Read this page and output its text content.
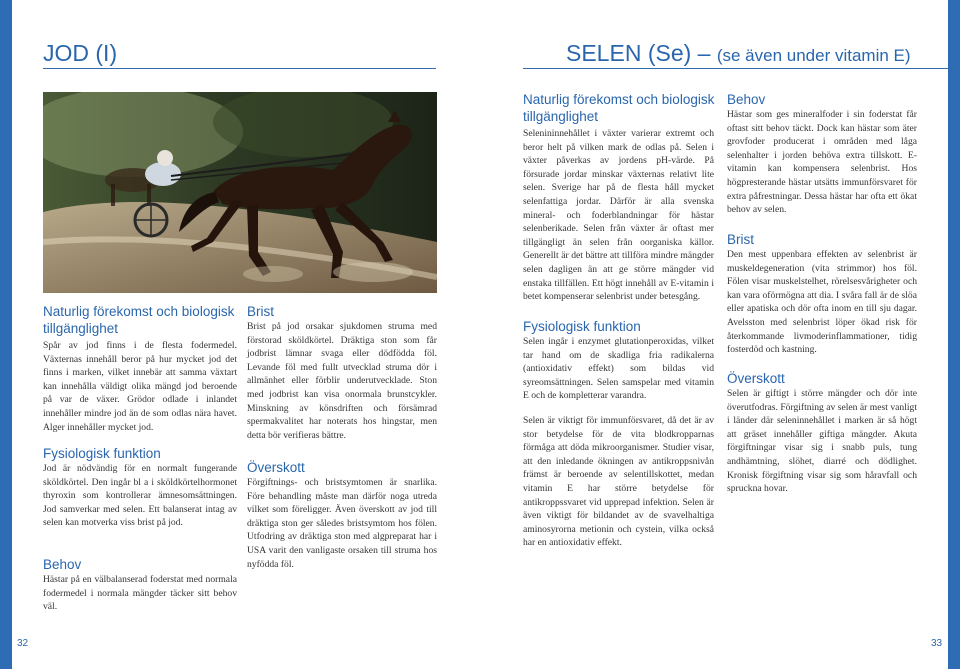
JOD (I)
Naturlig förekomst och biologisk tillgänglighet

Spår av jod finns i de flesta fodermedel. Växternas innehåll beror på hur mycket jod det finns i marken, vilket innebär att samma växtart kan innehålla väldigt olika mängd jod beroende på var de växer. Grödor odlade i inlandet innehåller mindre jod än de som odlas nära havet. Alger innehåller mycket jod.

Fysiologisk funktion

Jod är nödvändig för en normalt fungerande sköldkörtel. Den ingår bl a i sköldkörtelhormonet thyroxin som kontrollerar ämnesomsättningen. Jod samverkar med selen. Ett balanserat intag av selen kan motverka viss brist på jod.

Behov

Hästar på en välbalanserad foderstat med normala fodermedel i normala mängder täcker sitt behov väl.

Brist

Brist på jod orsakar sjukdomen struma med förstorad sköldkörtel. Dräktiga ston som får jodbrist lämnar svaga eller dödfödda föl. Levande föl med fullt utvecklad struma dör i allmänhet eller förblir underutvecklade. Ston med jodbrist kan visa onormala brunstcykler. Minskning av könsdriften och försämrad spermakvalitet har noterats hos hingstar, men detta bör verifieras bättre.

Överskott

Förgiftnings- och bristsymtomen är snarlika. Före behandling måste man därför noga utreda vilket som föreligger. Även överskott av jod till dräktiga ston ger således bristsymtom hos fölen. Utfodring av dräktiga ston med algpreparat har i USA varit den vanligaste orsaken till struma hos nyfödda föl.

32
SELEN (Se) – (se även under vitamin E)
Naturlig förekomst och biologisk tillgänglighet

Selenininnehållet i växter varierar extremt och beror helt på vilken mark de odlas på. Selen i växter påverkas av jordens pH-värde. På försurade jordar minskar växternas relativt lite selen. Sverige har på de flesta håll mycket selenfattiga jordar. Därför är alla svenska mineral- och foderblandningar för hästar selenberikade. Selen från växter är oftast mer tillgängligt än selen från oorganiska källor. Generellt är det bättre att tillföra mindre mängder selen dagligen än att ge större mängder vid enstaka tillfällen. Ett högt innehåll av E-vitamin i betet kompenserar selenbrist under betesgång.

Fysiologisk funktion

Selen ingår i enzymet glutationperoxidas, vilket tar hand om de skadliga fria radikalerna (antioxidativ effekt) som bildas vid syreomsättningen. Selen samspelar med vitamin E och de kompletterar varandra.

Selen är viktigt för immunförsvaret, då det är av stor betydelse för de vita blodkropparnas förmåga att döda mikroorganismer. Studier visar, att den inledande ökningen av antikroppsnivån främst är beroende av selentillskottet, medan vitamin E har större betydelse för antikroppssvaret vid upprepad infektion. Selen är även viktigt för bildandet av de svavelhaltiga aminosyrorna metionin och cystein, vilka också har en antioxidativ effekt.

Behov

Hästar som ges mineralfoder i sin foderstat får oftast sitt behov täckt. Dock kan hästar som äter grovfoder producerat i områden med låga selenhalter i jorden behöva extra tillskott. E-vitamin kan kompensera selenbrist. Hos högpresterande hästar utsätts immunförsvaret för extra påfrestningar. Dessa hästar har ofta ett ökat behov av selen.

Brist

Den mest uppenbara effekten av selenbrist är muskeldegeneration (vita strimmor) hos föl. Fölen visar muskelstelhet, rörelsesvårigheter och kan vara oförmögna att dia. I svåra fall är de slöa eller apatiska och dör ofta inom en till sju dagar. Avelsston med selenbrist löper ökad risk för återkommande livmoderinflammationer, tidig fosterdöd och kastning.

Överskott

Selen är giftigt i större mängder och dör inte överutfodras. Förgiftning av selen är mest vanligt i länder där seleninnehållet i marken är så högt att gräset innehåller giftiga mängder. Akuta förgiftningar visar sig i snabb puls, tung andhämtning, slöhet, diarré och dödlighet. Kronisk förgiftning visar sig som håravfall och spruckna hovar.

33
